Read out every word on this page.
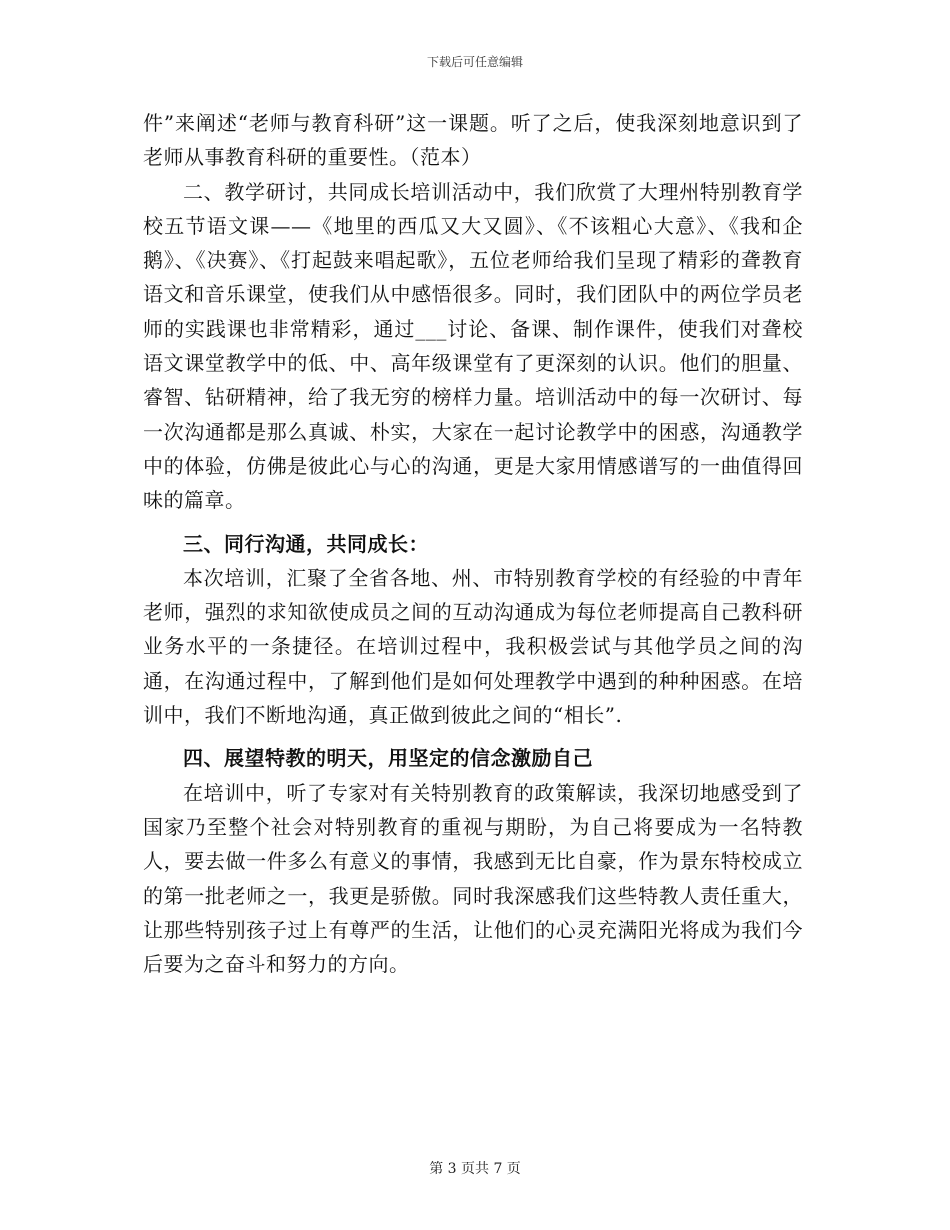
下载后可任意编辑

件”来阐述“老师与教育科研”这一课题。听了之后，使我深刻地意识到了老师从事教育科研的重要性。（范本）

二、教学研讨，共同成长培训活动中，我们欣赏了大理州特别教育学校五节语文课——《地里的西瓜又大又圆》、《不该粗心大意》、《我和企鹅》、《决赛》、《打起鼓来唱起歌》，五位老师给我们呈现了精彩的聋教育语文和音乐课堂，使我们从中感悟很多。同时，我们团队中的两位学员老师的实践课也非常精彩，通过___讨论、备课、制作课件，使我们对聋校语文课堂教学中的低、中、高年级课堂有了更深刻的认识。他们的胆量、睿智、钻研精神，给了我无穷的榜样力量。培训活动中的每一次研讨、每一次沟通都是那么真诚、朴实，大家在一起讨论教学中的困惑，沟通教学中的体验，仿佛是彼此心与心的沟通，更是大家用情感谱写的一曲值得回味的篇章。

三、同行沟通，共同成长：

本次培训，汇聚了全省各地、州、市特别教育学校的有经验的中青年老师，强烈的求知欲使成员之间的互动沟通成为每位老师提高自己教科研业务水平的一条捷径。在培训过程中，我积极尝试与其他学员之间的沟通，在沟通过程中，了解到他们是如何处理教学中遇到的种种困惑。在培训中，我们不断地沟通，真正做到彼此之间的“相长”.

四、展望特教的明天，用坚定的信念激励自己

在培训中，听了专家对有关特别教育的政策解读，我深切地感受到了国家乃至整个社会对特别教育的重视与期盼，为自己将要成为一名特教人，要去做一件多么有意义的事情，我感到无比自豪，作为景东特校成立的第一批老师之一，我更是骄傲。同时我深感我们这些特教人责任重大，让那些特别孩子过上有尊严的生活，让他们的心灵充满阳光将成为我们今后要为之奋斗和努力的方向。

第 3 页共 7 页
